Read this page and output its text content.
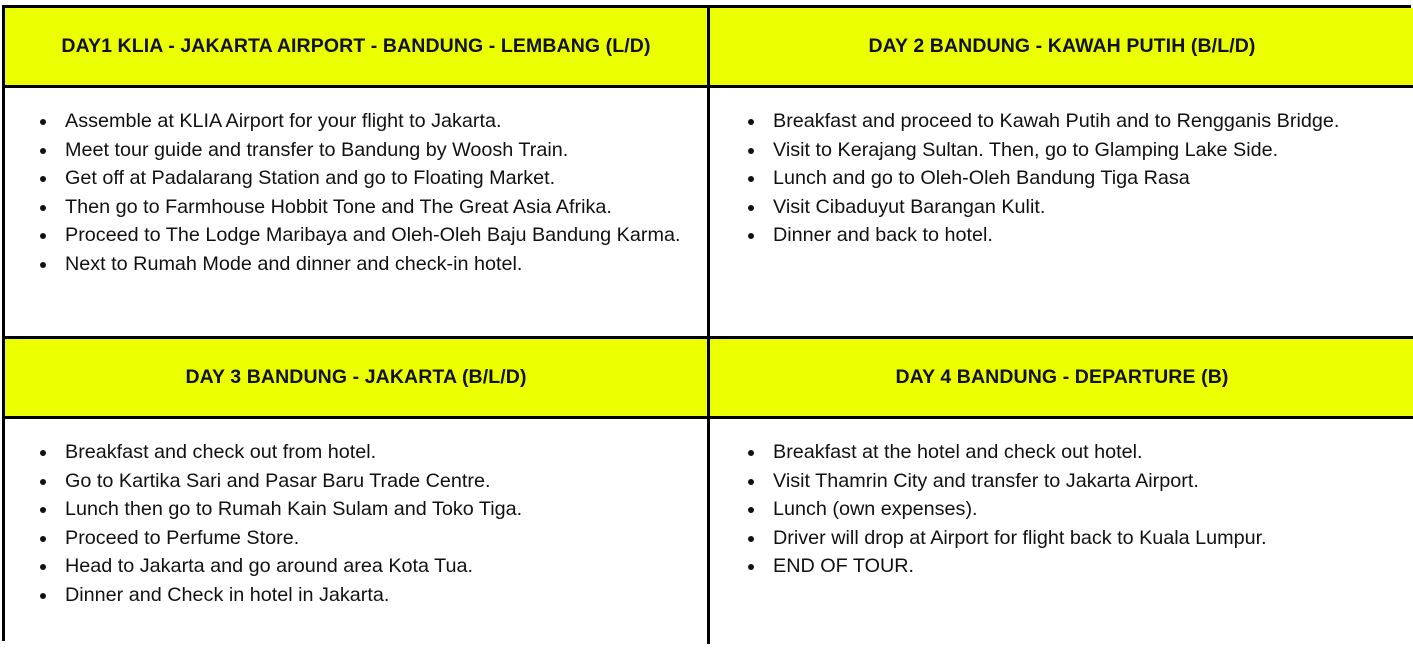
DAY1 KLIA - JAKARTA AIRPORT - BANDUNG - LEMBANG (L/D)	DAY 2 BANDUNG - KAWAH PUTIH (B/L/D)
Assemble at KLIA Airport for your flight to Jakarta.
Meet tour guide and transfer to Bandung by Woosh Train.
Get off at Padalarang Station and go to Floating Market.
Then go to Farmhouse Hobbit Tone and The Great Asia Afrika.
Proceed to The Lodge Maribaya and Oleh-Oleh Baju Bandung Karma.
Next to Rumah Mode and dinner and check-in hotel.
Breakfast and proceed to Kawah Putih and to Rengganis Bridge.
Visit to Kerajang Sultan. Then, go to Glamping Lake Side.
Lunch and go to Oleh-Oleh Bandung Tiga Rasa
Visit Cibaduyut Barangan Kulit.
Dinner and back to hotel.
DAY 3 BANDUNG - JAKARTA (B/L/D)	DAY 4 BANDUNG - DEPARTURE (B)
Breakfast and check out from hotel.
Go to Kartika Sari and Pasar Baru Trade Centre.
Lunch then go to Rumah Kain Sulam and Toko Tiga.
Proceed to Perfume Store.
Head to Jakarta and go around area Kota Tua.
Dinner and Check in hotel in Jakarta.
Breakfast at the hotel and check out hotel.
Visit Thamrin City and transfer to Jakarta Airport.
Lunch (own expenses).
Driver will drop at Airport for flight back to Kuala Lumpur.
END OF TOUR.
